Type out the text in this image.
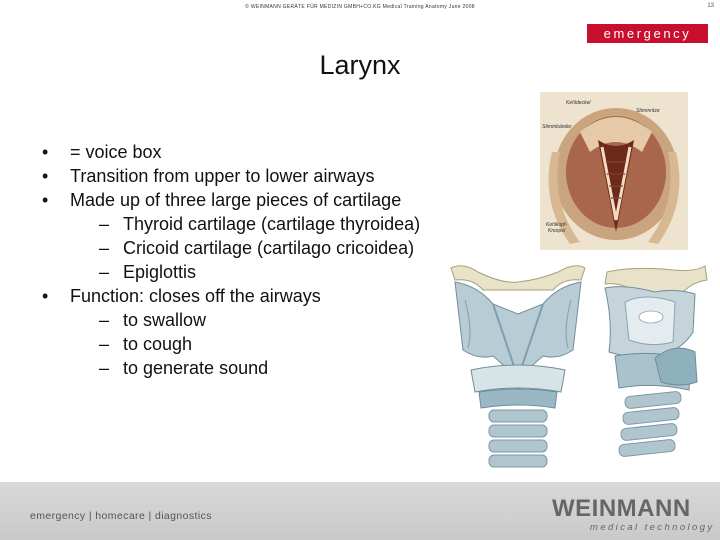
© WEINMANN GERÄTE FÜR MEDIZIN GMBH+CO.KG Medical Training Anatomy June 2008	13
emergency
Larynx
•	= voice box
•	Transition from upper to lower airways
•	Made up of three large pieces of cartilage
– Thyroid cartilage (cartilage thyroidea)
– Cricoid cartilage (cartilago cricoidea)
– Epiglottis
•	Function: closes off the airways
– to swallow
– to cough
– to generate sound
Kehldeckel
Stimmritze
Stimmbänder
Kehlkopf-
Knorpel
emergency | homecare | diagnostics	WEINMANN
medical technology
